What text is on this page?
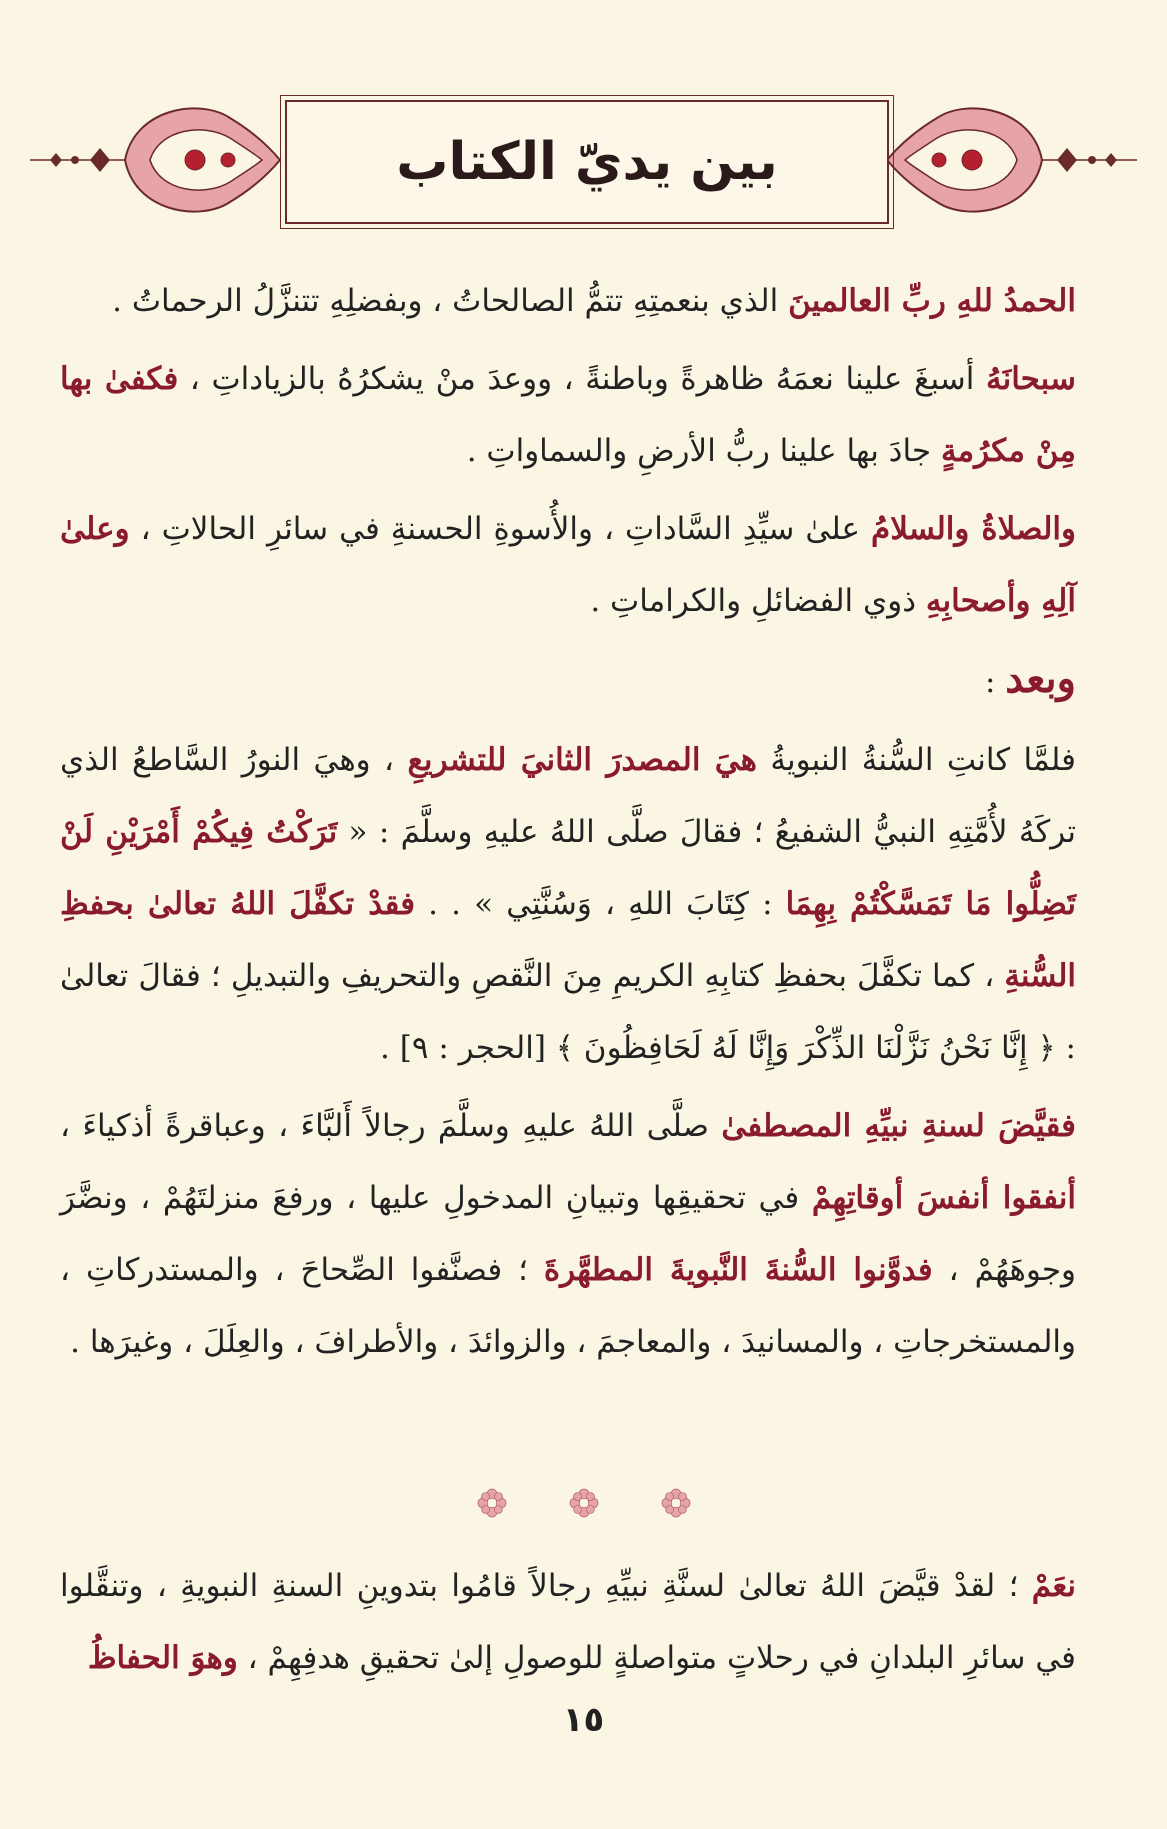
بين يديّ الكتاب

الحمدُ للهِ ربِّ العالمينَ الذي بنعمتِهِ تتمُّ الصالحاتُ ، وبفضلِهِ تتنزَّلُ الرحماتُ .

سبحانَهُ أسبغَ علينا نعمَهُ ظاهرةً وباطنةً ، ووعدَ منْ يشكرُهُ بالزياداتِ ، فكفىٰ بها مِنْ مكرُمةٍ جادَ بها علينا ربُّ الأرضِ والسماواتِ .

والصلاةُ والسلامُ علىٰ سيِّدِ السَّاداتِ ، والأُسوةِ الحسنةِ في سائرِ الحالاتِ ، وعلىٰ آلِهِ وأصحابِهِ ذوي الفضائلِ والكراماتِ .

وبعد :

فلمَّا كانتِ السُّنةُ النبويةُ هيَ المصدرَ الثانيَ للتشريعِ ، وهيَ النورُ السَّاطعُ الذي تركَهُ لأُمَّتِهِ النبيُّ الشفيعُ ؛ فقالَ صلَّى اللهُ عليهِ وسلَّمَ : « تَرَكْتُ فِيكُمْ أَمْرَيْنِ لَنْ تَضِلُّوا مَا تَمَسَّكْتُمْ بِهِمَا : كِتَابَ اللهِ ، وَسُنَّتِي » . . فقدْ تكفَّلَ اللهُ تعالىٰ بحفظِ السُّنةِ ، كما تكفَّلَ بحفظِ كتابِهِ الكريمِ مِنَ النَّقصِ والتحريفِ والتبديلِ ؛ فقالَ تعالىٰ : ﴿ إِنَّا نَحْنُ نَزَّلْنَا الذِّكْرَ وَإِنَّا لَهُ لَحَافِظُونَ ﴾ [الحجر : ٩] .

فقيَّضَ لسنةِ نبيِّهِ المصطفىٰ صلَّى اللهُ عليهِ وسلَّمَ رجالاً أَلبَّاءَ ، وعباقرةً أذكياءَ ، أنفقوا أنفسَ أوقاتِهِمْ في تحقيقِها وتبيانِ المدخولِ عليها ، ورفعَ منزلتَهُمْ ، ونضَّرَ وجوهَهُمْ ، فدوَّنوا السُّنةَ النَّبويةَ المطهَّرةَ ؛ فصنَّفوا الصِّحاحَ ، والمستدركاتِ ، والمستخرجاتِ ، والمسانيدَ ، والمعاجمَ ، والزوائدَ ، والأطرافَ ، والعِلَلَ ، وغيرَها .

نعَمْ ؛ لقدْ قيَّضَ اللهُ تعالىٰ لسنَّةِ نبيِّهِ رجالاً قامُوا بتدوينِ السنةِ النبويةِ ، وتنقَّلوا في سائرِ البلدانِ في رحلاتٍ متواصلةٍ للوصولِ إلىٰ تحقيقِ هدفِهِمْ ، وهوَ الحفاظُ

١٥
